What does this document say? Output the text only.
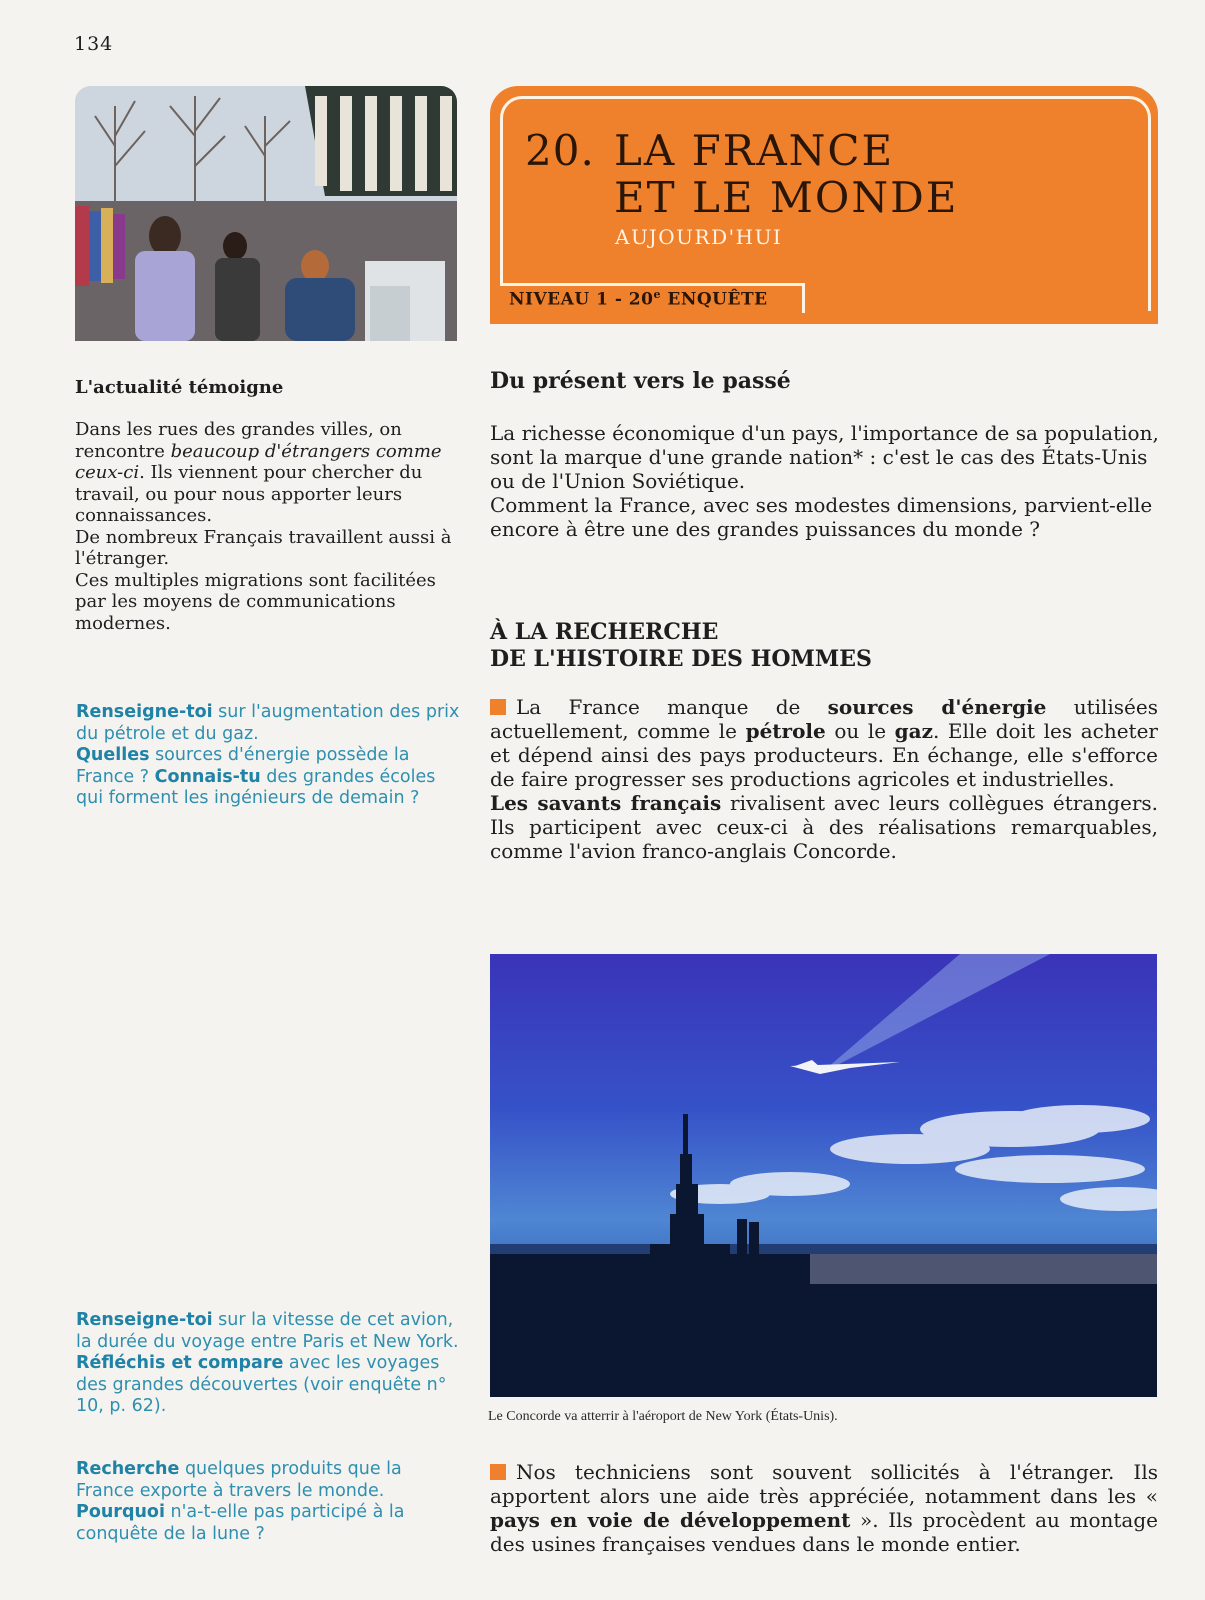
134
20. LA FRANCE
ET LE MONDE
AUJOURD'HUI
NIVEAU 1 - 20e ENQUÊTE
L'actualité témoigne
Dans les rues des grandes villes, on rencontre beaucoup d'étrangers comme ceux-ci. Ils viennent pour chercher du travail, ou pour nous apporter leurs connaissances.
De nombreux Français travaillent aussi à l'étranger.
Ces multiples migrations sont facilitées par les moyens de communications modernes.
Renseigne-toi sur l'augmentation des prix du pétrole et du gaz.
Quelles sources d'énergie possède la France ? Connais-tu des grandes écoles qui forment les ingénieurs de demain ?
Renseigne-toi sur la vitesse de cet avion, la durée du voyage entre Paris et New York. Réfléchis et compare avec les voyages des grandes découvertes (voir enquête n° 10, p. 62).
Recherche quelques produits que la France exporte à travers le monde.
Pourquoi n'a-t-elle pas participé à la conquête de la lune ?
Du présent vers le passé
La richesse économique d'un pays, l'importance de sa population, sont la marque d'une grande nation* : c'est le cas des États-Unis ou de l'Union Soviétique.
Comment la France, avec ses modestes dimensions, parvient-elle encore à être une des grandes puissances du monde ?
À LA RECHERCHE
DE L'HISTOIRE DES HOMMES
La France manque de sources d'énergie utilisées actuellement, comme le pétrole ou le gaz. Elle doit les acheter et dépend ainsi des pays producteurs. En échange, elle s'efforce de faire progresser ses productions agricoles et industrielles.
Les savants français rivalisent avec leurs collègues étrangers. Ils participent avec ceux-ci à des réalisations remarquables, comme l'avion franco-anglais Concorde.
Le Concorde va atterrir à l'aéroport de New York (États-Unis).
Nos techniciens sont souvent sollicités à l'étranger. Ils apportent alors une aide très appréciée, notamment dans les « pays en voie de développement ». Ils procèdent au montage des usines françaises vendues dans le monde entier.
